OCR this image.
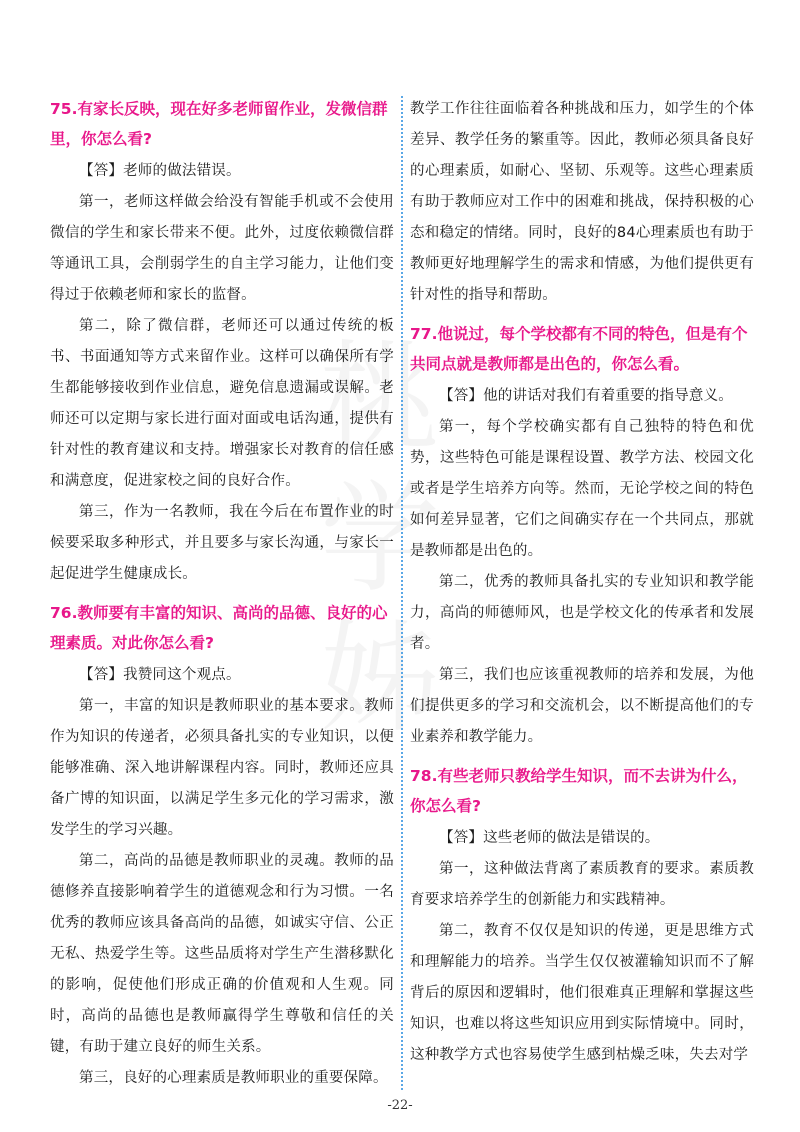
75.有家长反映，现在好多老师留作业，发微信群里，你怎么看?
【答】老师的做法错误。
第一，老师这样做会给没有智能手机或不会使用微信的学生和家长带来不便。此外，过度依赖微信群等通讯工具，会削弱学生的自主学习能力，让他们变得过于依赖老师和家长的监督。
第二，除了微信群，老师还可以通过传统的板书、书面通知等方式来留作业。这样可以确保所有学生都能够接收到作业信息，避免信息遗漏或误解。老师还可以定期与家长进行面对面或电话沟通，提供有针对性的教育建议和支持。增强家长对教育的信任感和满意度，促进家校之间的良好合作。
第三，作为一名教师，我在今后在布置作业的时候要采取多种形式，并且要多与家长沟通，与家长一起促进学生健康成长。
76.教师要有丰富的知识、高尚的品德、良好的心理素质。对此你怎么看?
【答】我赞同这个观点。
第一，丰富的知识是教师职业的基本要求。教师作为知识的传递者，必须具备扎实的专业知识，以便能够准确、深入地讲解课程内容。同时，教师还应具备广博的知识面，以满足学生多元化的学习需求，激发学生的学习兴趣。
第二，高尚的品德是教师职业的灵魂。教师的品德修养直接影响着学生的道德观念和行为习惯。一名优秀的教师应该具备高尚的品德，如诚实守信、公正无私、热爱学生等。这些品质将对学生产生潜移默化的影响，促使他们形成正确的价值观和人生观。同时，高尚的品德也是教师赢得学生尊敬和信任的关键，有助于建立良好的师生关系。
第三，良好的心理素质是教师职业的重要保障。
教学工作往往面临着各种挑战和压力，如学生的个体差异、教学任务的繁重等。因此，教师必须具备良好的心理素质，如耐心、坚韧、乐观等。这些心理素质有助于教师应对工作中的困难和挑战，保持积极的心态和稳定的情绪。同时，良好的84心理素质也有助于教师更好地理解学生的需求和情感，为他们提供更有针对性的指导和帮助。
77.他说过，每个学校都有不同的特色，但是有个共同点就是教师都是出色的，你怎么看。
【答】他的讲话对我们有着重要的指导意义。
第一，每个学校确实都有自己独特的特色和优势，这些特色可能是课程设置、教学方法、校园文化或者是学生培养方向等。然而，无论学校之间的特色如何差异显著，它们之间确实存在一个共同点，那就是教师都是出色的。
第二，优秀的教师具备扎实的专业知识和教学能力，高尚的师德师风，也是学校文化的传承者和发展者。
第三，我们也应该重视教师的培养和发展，为他们提供更多的学习和交流机会，以不断提高他们的专业素养和教学能力。
78.有些老师只教给学生知识，而不去讲为什么，你怎么看?
【答】这些老师的做法是错误的。
第一，这种做法背离了素质教育的要求。素质教育要求培养学生的创新能力和实践精神。
第二，教育不仅仅是知识的传递，更是思维方式和理解能力的培养。当学生仅仅被灌输知识而不了解背后的原因和逻辑时，他们很难真正理解和掌握这些知识，也难以将这些知识应用到实际情境中。同时，这种教学方式也容易使学生感到枯燥乏味，失去对学
-22-
